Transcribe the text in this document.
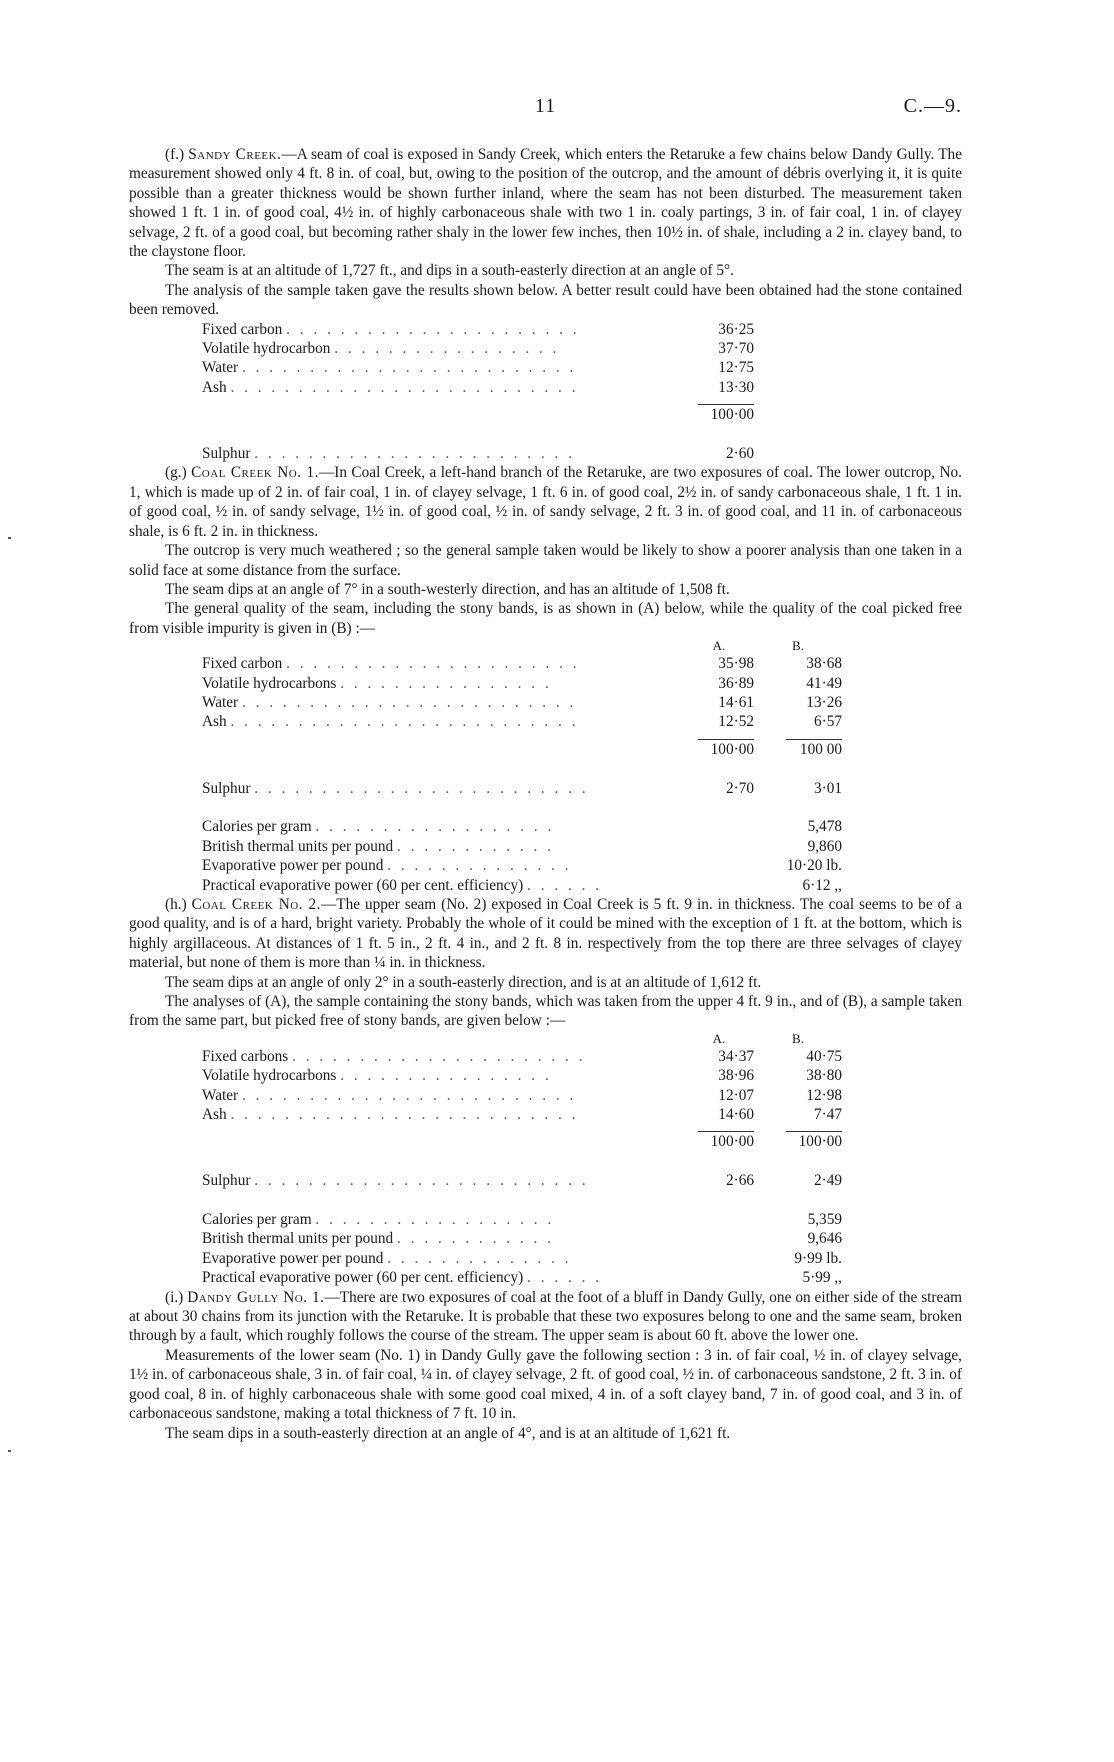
11	C.—9.

(f.) Sandy Creek.—A seam of coal is exposed in Sandy Creek, which enters the Retaruke a few chains below Dandy Gully. The measurement showed only 4 ft. 8 in. of coal, but, owing to the position of the outcrop, and the amount of débris overlying it, it is quite possible than a greater thickness would be shown further inland, where the seam has not been disturbed. The measurement taken showed 1 ft. 1 in. of good coal, 4½ in. of highly carbonaceous shale with two 1 in. coaly partings, 3 in. of fair coal, 1 in. of clayey selvage, 2 ft. of a good coal, but becoming rather shaly in the lower few inches, then 10½ in. of shale, including a 2 in. clayey band, to the claystone floor.

The seam is at an altitude of 1,727 ft., and dips in a south-easterly direction at an angle of 5°.

The analysis of the sample taken gave the results shown below. A better result could have been obtained had the stone contained been removed.

Fixed carbon . . . . . . . . . . . . . . . . . . . . . .	36·25
Volatile hydrocarbon . . . . . . . . . . . . . . . . .	37·70
Water . . . . . . . . . . . . . . . . . . . . . . . . .	12·75
Ash . . . . . . . . . . . . . . . . . . . . . . . . . .	13·30

	100·00

Sulphur . . . . . . . . . . . . . . . . . . . . . . . .	2·60

(g.) Coal Creek No. 1.—In Coal Creek, a left-hand branch of the Retaruke, are two exposures of coal. The lower outcrop, No. 1, which is made up of 2 in. of fair coal, 1 in. of clayey selvage, 1 ft. 6 in. of good coal, 2½ in. of sandy carbonaceous shale, 1 ft. 1 in. of good coal, ½ in. of sandy selvage, 1½ in. of good coal, ½ in. of sandy selvage, 2 ft. 3 in. of good coal, and 11 in. of carbonaceous shale, is 6 ft. 2 in. in thickness.

The outcrop is very much weathered ; so the general sample taken would be likely to show a poorer analysis than one taken in a solid face at some distance from the surface.

The seam dips at an angle of 7° in a south-westerly direction, and has an altitude of 1,508 ft.

The general quality of the seam, including the stony bands, is as shown in (A) below, while the quality of the coal picked free from visible impurity is given in (B) :—

	A.	B.
Fixed carbon . . . . . . . . . . . . . . . . . . . . . .	35·98	38·68
Volatile hydrocarbons . . . . . . . . . . . . . . . .	36·89	41·49
Water . . . . . . . . . . . . . . . . . . . . . . . . .	14·61	13·26
Ash . . . . . . . . . . . . . . . . . . . . . . . . . .	12·52	6·57

	100·00	100 00

Sulphur . . . . . . . . . . . . . . . . . . . . . . . . .	2·70	3·01

Calories per gram . . . . . . . . . . . . . . . . . .		5,478
British thermal units per pound . . . . . . . . . . . .		9,860
Evaporative power per pound . . . . . . . . . . . . . .		10·20 lb.
Practical evaporative power (60 per cent. efficiency) . . . . . .		6·12 ,,

(h.) Coal Creek No. 2.—The upper seam (No. 2) exposed in Coal Creek is 5 ft. 9 in. in thickness. The coal seems to be of a good quality, and is of a hard, bright variety. Probably the whole of it could be mined with the exception of 1 ft. at the bottom, which is highly argillaceous. At distances of 1 ft. 5 in., 2 ft. 4 in., and 2 ft. 8 in. respectively from the top there are three selvages of clayey material, but none of them is more than ¼ in. in thickness.

The seam dips at an angle of only 2° in a south-easterly direction, and is at an altitude of 1,612 ft.

The analyses of (A), the sample containing the stony bands, which was taken from the upper 4 ft. 9 in., and of (B), a sample taken from the same part, but picked free of stony bands, are given below :—

	A.	B.
Fixed carbons . . . . . . . . . . . . . . . . . . . . . .	34·37	40·75
Volatile hydrocarbons . . . . . . . . . . . . . . . .	38·96	38·80
Water . . . . . . . . . . . . . . . . . . . . . . . . .	12·07	12·98
Ash . . . . . . . . . . . . . . . . . . . . . . . . . .	14·60	7·47

	100·00	100·00

Sulphur . . . . . . . . . . . . . . . . . . . . . . . . .	2·66	2·49

Calories per gram . . . . . . . . . . . . . . . . . .		5,359
British thermal units per pound . . . . . . . . . . . .		9,646
Evaporative power per pound . . . . . . . . . . . . . .		9·99 lb.
Practical evaporative power (60 per cent. efficiency) . . . . . .		5·99 ,,

(i.) Dandy Gully No. 1.—There are two exposures of coal at the foot of a bluff in Dandy Gully, one on either side of the stream at about 30 chains from its junction with the Retaruke. It is probable that these two exposures belong to one and the same seam, broken through by a fault, which roughly follows the course of the stream. The upper seam is about 60 ft. above the lower one.

Measurements of the lower seam (No. 1) in Dandy Gully gave the following section : 3 in. of fair coal, ½ in. of clayey selvage, 1½ in. of carbonaceous shale, 3 in. of fair coal, ¼ in. of clayey selvage, 2 ft. of good coal, ½ in. of carbonaceous sandstone, 2 ft. 3 in. of good coal, 8 in. of highly carbonaceous shale with some good coal mixed, 4 in. of a soft clayey band, 7 in. of good coal, and 3 in. of carbonaceous sandstone, making a total thickness of 7 ft. 10 in.

The seam dips in a south-easterly direction at an angle of 4°, and is at an altitude of 1,621 ft.
